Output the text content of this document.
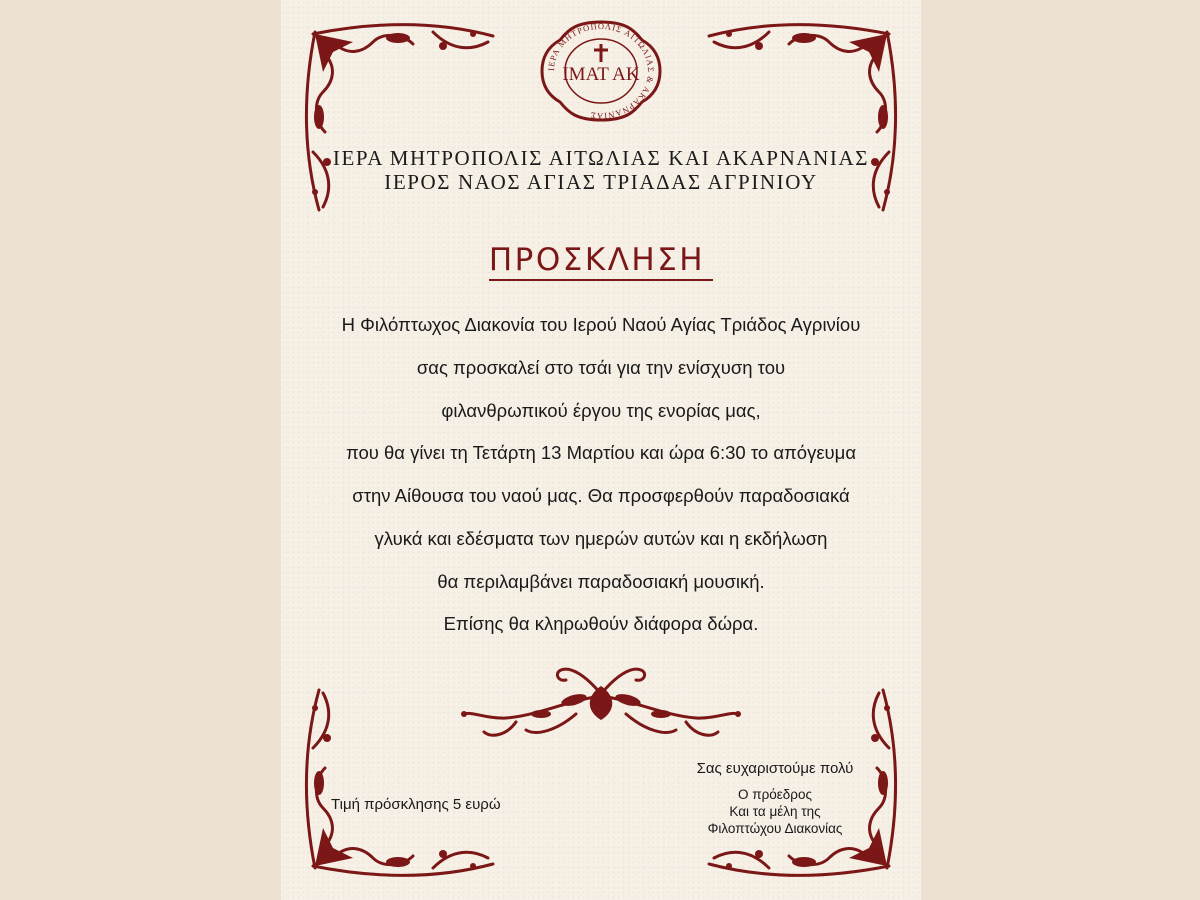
ΙΕΡΑ ΜΗΤΡΟΠΟΛΙΣ ΑΙΤΩΛΙΑΣ & ΑΚΑΡΝΑΝΙΑΣ
ΙΜΑΤ ΑΚ
ΙΕΡΑ ΜΗΤΡΟΠΟΛΙΣ ΑΙΤΩΛΙΑΣ ΚΑΙ ΑΚΑΡΝΑΝΙΑΣ
ΙΕΡΟΣ ΝΑΟΣ ΑΓΙΑΣ ΤΡΙΑΔΑΣ ΑΓΡΙΝΙΟΥ
ΠΡΟΣΚΛΗΣΗ
Η Φιλόπτωχος Διακονία του Ιερού Ναού Αγίας Τριάδος Αγρινίου
σας προσκαλεί στο τσάι για την ενίσχυση του
φιλανθρωπικού έργου της ενορίας μας,
που θα γίνει τη Τετάρτη 13 Μαρτίου και ώρα 6:30 το απόγευμα
στην Αίθουσα του ναού μας. Θα προσφερθούν παραδοσιακά
γλυκά και εδέσματα των ημερών αυτών και η εκδήλωση
θα περιλαμβάνει παραδοσιακή μουσική.
Επίσης θα κληρωθούν διάφορα δώρα.
Τιμή πρόσκλησης 5 ευρώ
Σας ευχαριστούμε πολύ
Ο πρόεδρος
Και τα μέλη της
Φιλοπτώχου Διακονίας
